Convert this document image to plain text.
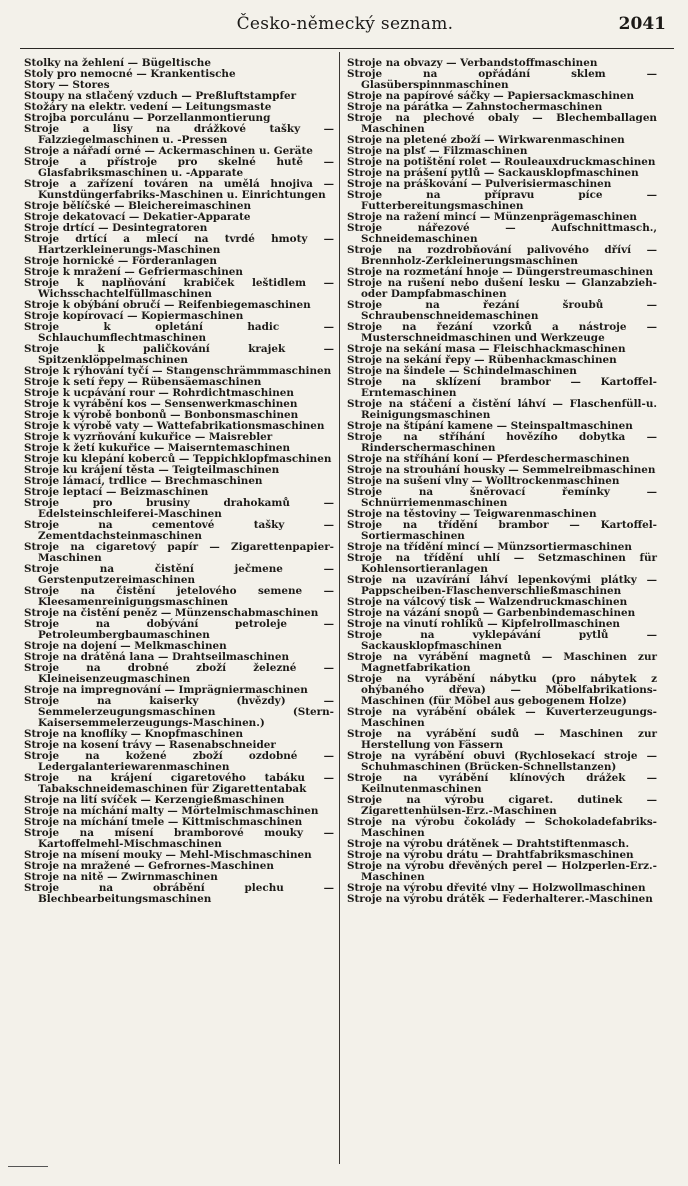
Česko-německý seznam.	2041

Stolky na žehlení — Bügeltische

Stoly pro nemocné — Krankentische

Story — Stores

Stoupy na stlačený vzduch — Preßluftstampfer

Stožáry na elektr. vedení — Leitungsmaste

Strojba porculánu — Porzellanmontierung

Stroje a lisy na drážkové tašky — Falzziegelmaschinen u. -Pressen

Stroje a nářadí orné — Ackermaschinen u. Geräte

Stroje a přístroje pro skelné hutě — Glasfabriksmaschinen u. -Apparate

Stroje a zařízení továren na umělá hnojiva — Kunstdüngerfabriks-Maschinen u. Einrichtungen

Stroje bělíčské — Bleichereimaschinen

Stroje dekatovací — Dekatier-Apparate

Stroje drtící — Desintegratoren

Stroje drtící a mlecí na tvrdé hmoty — Hartzerkleinerungs-Maschinen

Stroje hornické — Förderanlagen

Stroje k mražení — Gefriermaschinen

Stroje k naplňování krabiček leštidlem — Wichsschachtelfüllmaschinen

Stroje k obýbání obručí — Reifenbiegemaschinen

Stroje kopírovací — Kopiermaschinen

Stroje k opletání hadic — Schlauchumflechtmaschinen

Stroje k paličkování krajek — Spitzenklöppelmaschinen

Stroje k rýhování tyčí — Stangenschrämmmaschinen

Stroje k setí řepy — Rübensäemaschinen

Stroje k ucpávání rour — Rohrdichtmaschinen

Stroje k vyrábění kos — Sensenwerkmaschinen

Stroje k výrobě bonbonů — Bonbonsmaschinen

Stroje k výrobě vaty — Wattefabrikationsmaschinen

Stroje k vyzrňování kukuřice — Maisrebler

Stroje k žetí kukuřice — Maiserntemaschinen

Stroje ku klepání koberců — Teppichklopfmaschinen

Stroje ku krájení těsta — Teigteilmaschinen

Stroje lámací, trdlice — Brechmaschinen

Stroje leptací — Beizmaschinen

Stroje pro brusiny drahokamů — Edelsteinschleiferei-Maschinen

Stroje na cementové tašky — Zementdachsteinmaschinen

Stroje na cigaretový papír — Zigarettenpapier-Maschinen

Stroje na čistění ječmene — Gerstenputzereimaschinen

Stroje na čistění jetelového semene — Kleesamenreinigungsmaschinen

Stroje na čistění peněz — Münzenschabmaschinen

Stroje na dobývání petroleje — Petroleumbergbaumaschinen

Stroje na dojení — Melkmaschinen

Stroje na drátěná lana — Drahtseilmaschinen

Stroje na drobné zboží železné — Kleineisenzeugmaschinen

Stroje na impregnování — Imprägniermaschinen

Stroje na kaiserky (hvězdy) — Semmelerzeugungsmaschinen (Stern-Kaisersemmelerzeugungs-Maschinen.)

Stroje na knoflíky — Knopfmaschinen

Stroje na kosení trávy — Rasenabschneider

Stroje na kožené zboží ozdobné — Ledergalanteriewarenmaschinen

Stroje na krájení cigaretového tabáku —Tabakschneidemaschinen für Zigarettentabak

Stroje na lití svíček — Kerzengießmaschinen

Stroje na míchání malty — Mörtelmischmaschinen

Stroje na míchání tmele — Kittmischmaschinen

Stroje na mísení bramborové mouky — Kartoffelmehl-Mischmaschinen

Stroje na mísení mouky — Mehl-Mischmaschinen

Stroje na mražené — Gefrornes-Maschinen

Stroje na nitě — Zwirnmaschinen

Stroje na obrábění plechu — Blechbearbeitungsmaschinen

Stroje na obvazy — Verbandstoffmaschinen

Stroje na opřádání sklem — Glasüberspinnmaschinen

Stroje na papírové sáčky — Papiersackmaschinen

Stroje na párátka — Zahnstochermaschinen

Stroje na plechové obaly — Blechemballagen Maschinen

Stroje na pletené zboží — Wirkwarenmaschinen

Stroje na plsť — Filzmaschinen

Stroje na potištění rolet — Rouleauxdruckmaschinen

Stroje na prášení pytlů — Sackausklopfmaschinen

Stroje na práškování — Pulverisiermaschinen

Stroje na přípravu píce — Futterbereitungsmaschinen

Stroje na ražení mincí — Münzenprägemaschinen

Stroje nářezové — Aufschnittmasch., Schneidemaschinen

Stroje na rozdrobňování palivového dříví — Brennholz-Zerkleinerungsmaschinen

Stroje na rozmetání hnoje — Düngerstreumaschinen

Stroje na rušení nebo dušení lesku — Glanzabzieh- oder Dampfabmaschinen

Stroje na řezání šroubů — Schraubenschneidemaschinen

Stroje na řezání vzorků a nástroje — Musterschneidmaschinen und Werkzeuge

Stroje na sekání masa — Fleischhackmaschinen

Stroje na sekání řepy — Rübenhackmaschinen

Stroje na šindele — Schindelmaschinen

Stroje na sklízení brambor — Kartoffel-Erntemaschinen

Stroje na stáčení a čistění láhví — Flaschenfüll-u. Reinigungsmaschinen

Stroje na štípání kamene — Steinspaltmaschinen

Stroje na stříhání hovězího dobytka — Rinderschermaschinen

Stroje na stříhání koní — Pferdeschermaschinen

Stroje na strouhání housky — Semmelreibmaschinen

Stroje na sušení vlny — Wolltrockenmaschinen

Stroje na šněrovací řemínky — Schnürriemenmaschinen

Stroje na těstoviny — Teigwarenmaschinen

Stroje na třídění brambor — Kartoffel-Sortiermaschinen

Stroje na třídění mincí — Münzsortiermaschinen

Stroje na třídění uhlí — Setzmaschinen für Kohlensortieranlagen

Stroje na uzavírání láhví lepenkovými plátky — Pappscheiben-Flaschenverschließmaschinen

Stroje na válcový tisk — Walzendruckmaschinen

Stroje na vázání snopů — Garbenbindemaschinen

Stroje na vinutí rohlíků — Kipfelrollmaschinen

Stroje na vyklepávání pytlů — Sackausklopfmaschinen

Stroje na vyrábění magnetů — Maschinen zur Magnetfabrikation

Stroje na vyrábění nábytku (pro nábytek z ohýbaného dřeva) — Möbelfabrikations-Maschinen (für Möbel aus gebogenem Holze)

Stroje na vyrábění obálek — Kuverterzeugungs-Maschinen

Stroje na vyrábění sudů — Maschinen zur Herstellung von Fässern

Stroje na vyrábění obuvi (Rychlosekací stroje — Schuhmaschinen (Brücken-Schnellstanzen)

Stroje na vyrábění klínových drážek — Keilnutenmaschinen

Stroje na výrobu cigaret. dutinek — Zigarettenhülsen-Erz.-Maschinen

Stroje na výrobu čokolády — Schokoladefabriks-Maschinen

Stroje na výrobu drátěnek — Drahtstiftenmasch.

Stroje na výrobu drátu — Drahtfabriksmaschinen

Stroje na výrobu dřevěných perel — Holzperlen-Erz.-Maschinen

Stroje na výrobu dřevité vlny — Holzwollmaschinen

Stroje na výrobu drátěk — Federhalterer.-Maschinen
